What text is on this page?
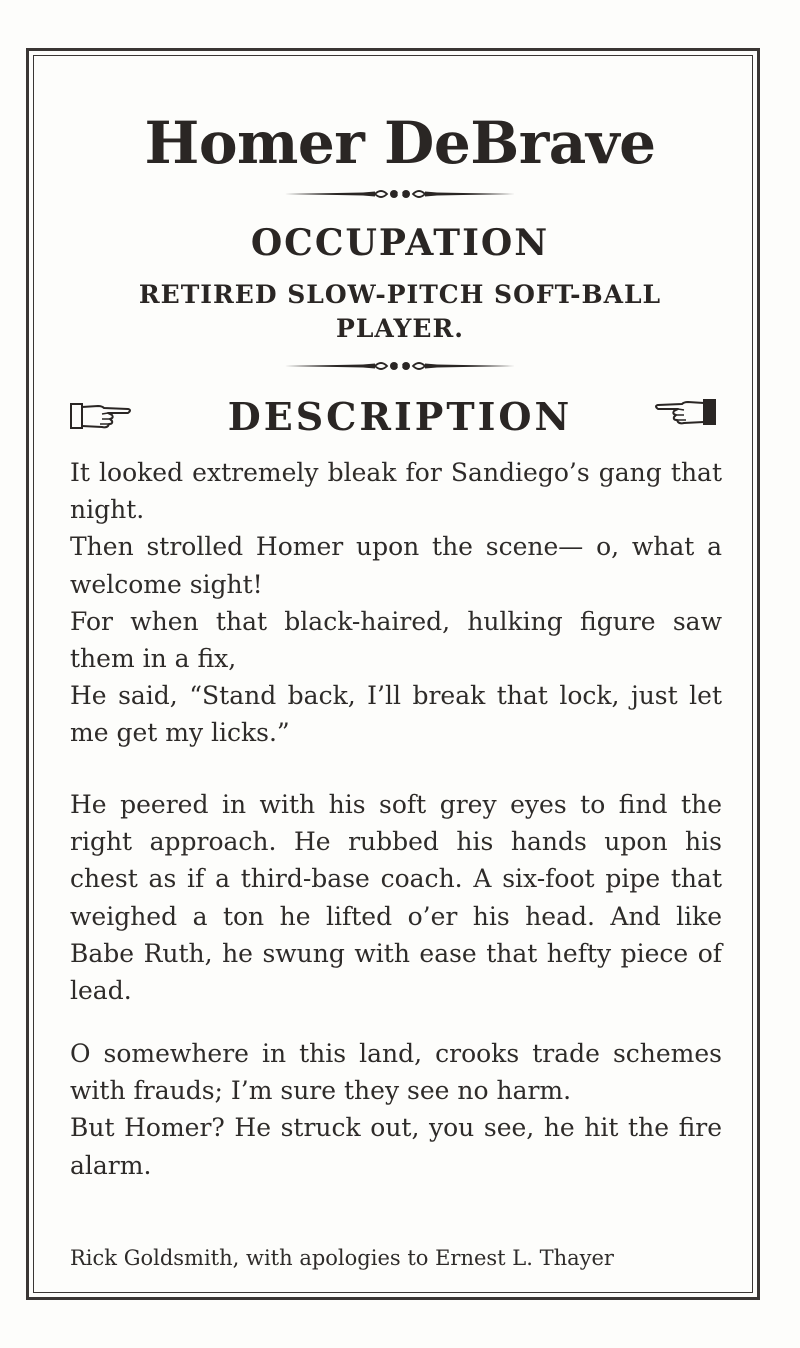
Homer DeBrave
OCCUPATION
RETIRED SLOW-PITCH SOFT-BALL PLAYER.
DESCRIPTION
It looked extremely bleak for Sandiego’s gang that night.
Then strolled Homer upon the scene— o, what a welcome sight!
For when that black-haired, hulking figure saw them in a fix,
He said, “Stand back, I’ll break that lock, just let me get my licks.”
He peered in with his soft grey eyes to find the right approach. He rubbed his hands upon his chest as if a third-base coach. A six-foot pipe that weighed a ton he lifted o’er his head. And like Babe Ruth, he swung with ease that hefty piece of lead.
O somewhere in this land, crooks trade schemes with frauds; I’m sure they see no harm.
But Homer? He struck out, you see, he hit the fire alarm.
Rick Goldsmith, with apologies to Ernest L. Thayer
